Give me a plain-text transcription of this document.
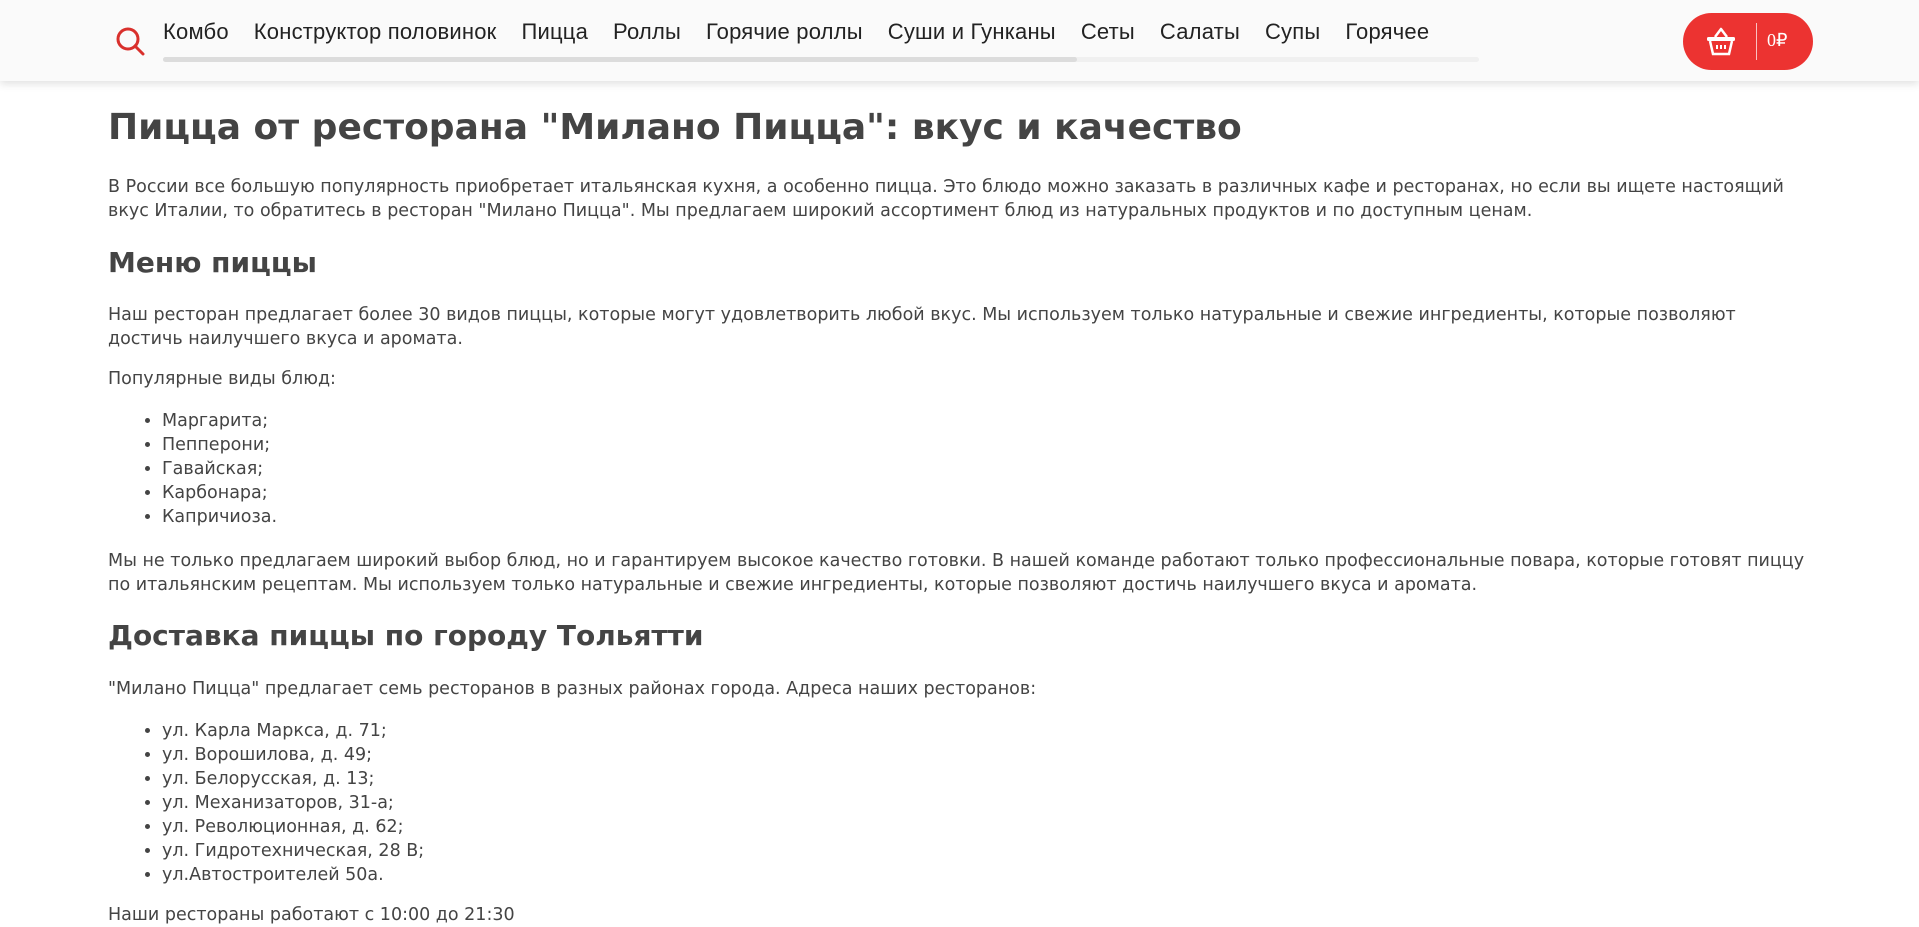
Комбо Конструктор половинок Пицца Роллы Горячие роллы Суши и Гунканы Сеты Салаты Супы Горячее	0₽
Пицца от ресторана "Милано Пицца": вкус и качество

В России все большую популярность приобретает итальянская кухня, а особенно пицца. Это блюдо можно заказать в различных кафе и ресторанах, но если вы ищете настоящий вкус Италии, то обратитесь в ресторан "Милано Пицца". Мы предлагаем широкий ассортимент блюд из натуральных продуктов и по доступным ценам.

Меню пиццы

Наш ресторан предлагает более 30 видов пиццы, которые могут удовлетворить любой вкус. Мы используем только натуральные и свежие ингредиенты, которые позволяют достичь наилучшего вкуса и аромата.

Популярные виды блюд:

• Маргарита;
• Пепперони;
• Гавайская;
• Карбонара;
• Капричиоза.

Мы не только предлагаем широкий выбор блюд, но и гарантируем высокое качество готовки. В нашей команде работают только профессиональные повара, которые готовят пиццу по итальянским рецептам. Мы используем только натуральные и свежие ингредиенты, которые позволяют достичь наилучшего вкуса и аромата.

Доставка пиццы по городу Тольятти

"Милано Пицца" предлагает семь ресторанов в разных районах города. Адреса наших ресторанов:

• ул. Карла Маркса, д. 71;
• ул. Ворошилова, д. 49;
• ул. Белорусская, д. 13;
• ул. Механизаторов, 31-а;
• ул. Революционная, д. 62;
• ул. Гидротехническая, 28 В;
• ул.Автостроителей 50а.

Наши рестораны работают с 10:00 до 21:30
